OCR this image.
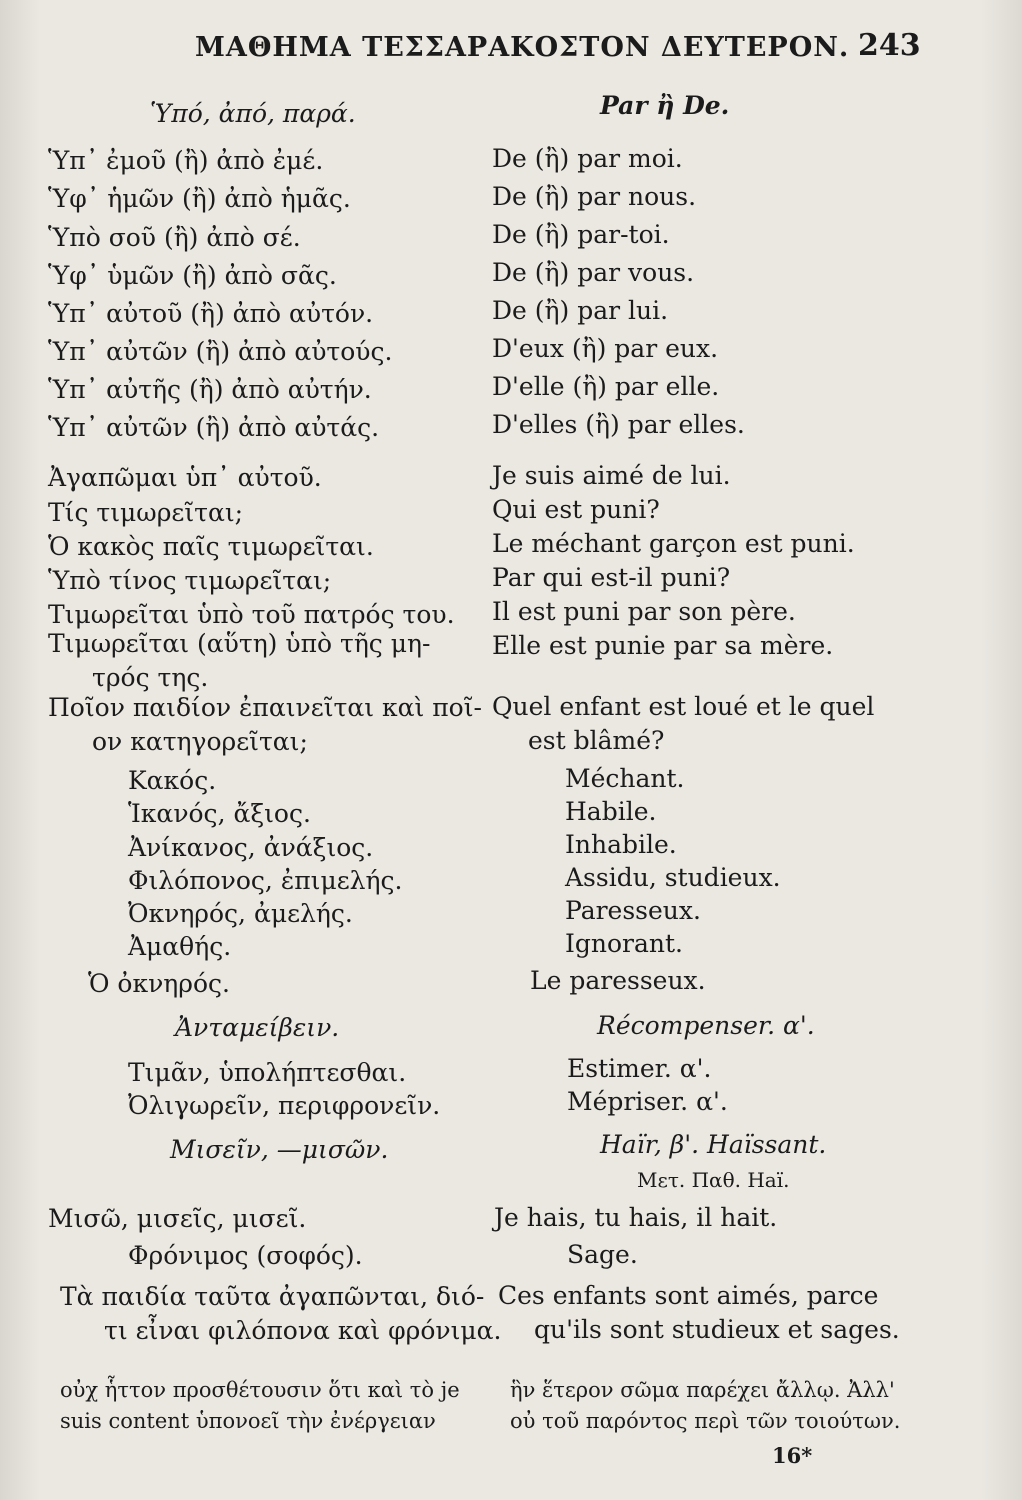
ΜΑΘΗΜΑ ΤΕΣΣΑΡΑΚΟΣΤΟΝ ΔΕΥΤΕΡΟΝ. 243
Ὑπό, ἀπό, παρά.
Ὑπ᾽ ἐμοῦ (ἢ) ἀπὸ ἐμέ.
Ὑφ᾽ ἡμῶν (ἢ) ἀπὸ ἡμᾶς.
Ὑπὸ σοῦ (ἢ) ἀπὸ σέ.
Ὑφ᾽ ὑμῶν (ἢ) ἀπὸ σᾶς.
Ὑπ᾽ αὐτοῦ (ἢ) ἀπὸ αὐτόν.
Ὑπ᾽ αὐτῶν (ἢ) ἀπὸ αὐτούς.
Ὑπ᾽ αὐτῆς (ἢ) ἀπὸ αὐτήν.
Ὑπ᾽ αὐτῶν (ἢ) ἀπὸ αὐτάς.
Ἀγαπῶμαι ὑπ᾽ αὐτοῦ.
Τίς τιμωρεῖται;
Ὁ κακὸς παῖς τιμωρεῖται.
Ὑπὸ τίνος τιμωρεῖται;
Τιμωρεῖται ὑπὸ τοῦ πατρός του.
Τιμωρεῖται (αὕτη) ὑπὸ τῆς μη-
τρός της.
Ποῖον παιδίον ἐπαινεῖται καὶ ποῖ-
ον κατηγορεῖται;
Κακός.
Ἱκανός, ἄξιος.
Ἀνίκανος, ἀνάξιος.
Φιλόπονος, ἐπιμελής.
Ὀκνηρός, ἀμελής.
Ἀμαθής.
Ὁ ὀκνηρός.
Ἀνταμείβειν.
Τιμᾶν, ὑπολήπτεσθαι.
Ὀλιγωρεῖν, περιφρονεῖν.
Μισεῖν, —μισῶν.
Μισῶ, μισεῖς, μισεῖ.
Φρόνιμος (σοφός).
Τὰ παιδία ταῦτα ἀγαπῶνται, διό-
τι εἶναι φιλόπονα καὶ φρόνιμα.
Par ἢ De.
De (ἢ) par moi.
De (ἢ) par nous.
De (ἢ) par-toi.
De (ἢ) par vous.
De (ἢ) par lui.
D'eux (ἢ) par eux.
D'elle (ἢ) par elle.
D'elles (ἢ) par elles.
Je suis aimé de lui.
Qui est puni?
Le méchant garçon est puni.
Par qui est-il puni?
Il est puni par son père.
Elle est punie par sa mère.
Quel enfant est loué et le quel
est blâmé?
Méchant.
Habile.
Inhabile.
Assidu, studieux.
Paresseux.
Ignorant.
Le paresseux.
Récompenser. α'.
Estimer. α'.
Mépriser. α'.
Haïr, β'. Haïssant.
Μετ. Παθ. Haï.
Je hais, tu hais, il hait.
Sage.
Ces enfants sont aimés, parce
qu'ils sont studieux et sages.
οὐχ ἧττον προσθέτουσιν ὅτι καὶ τὸ je
suis content ὑπονοεῖ τὴν ἐνέργειαν
ἣν ἕτερον σῶμα παρέχει ἄλλῳ. Ἀλλ'
οὐ τοῦ παρόντος περὶ τῶν τοιούτων.
16*
